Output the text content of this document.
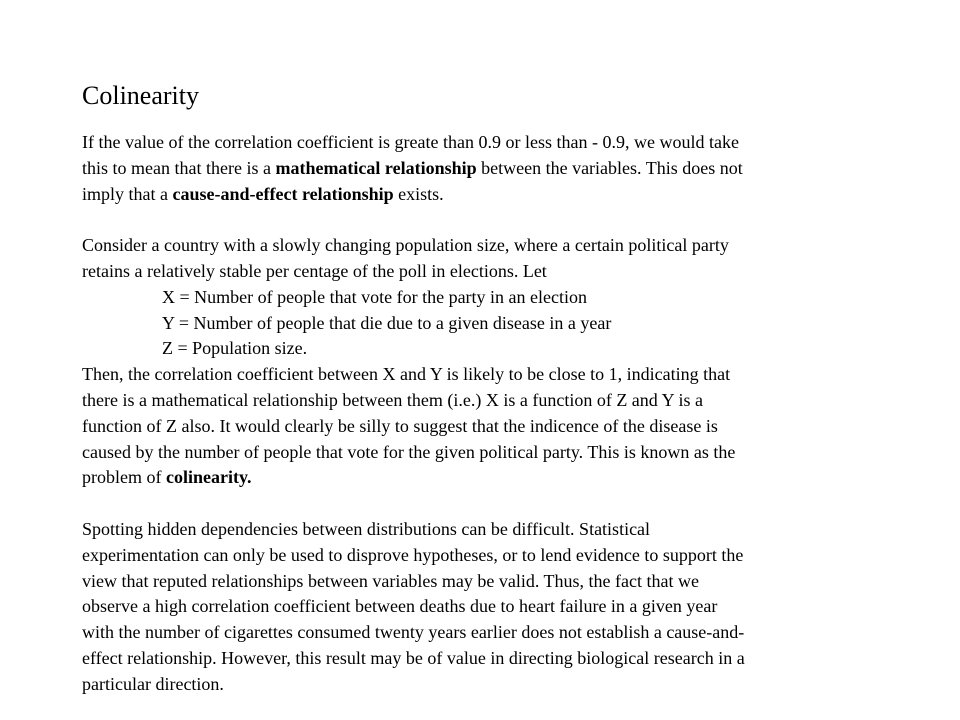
Colinearity
If the value of the correlation coefficient is greate than 0.9 or less than - 0.9, we would take
this to mean that there is a mathematical relationship between the variables. This does not
imply that a cause-and-effect relationship exists.
Consider a country with a slowly changing population size, where a certain political party
retains a relatively stable per centage of the poll in elections. Let
X = Number of people that vote for the party in an election
Y = Number of people that die due to a given disease in a year
Z = Population size.
Then, the correlation coefficient between X and Y is likely to be close to 1, indicating that
there is a mathematical relationship between them (i.e.) X is a function of Z and Y is a
function of Z also. It would clearly be silly to suggest that the indicence of the disease is
caused by the number of people that vote for the given political party. This is known as the
problem of colinearity.
Spotting hidden dependencies between distributions can be difficult. Statistical
experimentation can only be used to disprove hypotheses, or to lend evidence to support the
view that reputed relationships between variables may be valid. Thus, the fact that we
observe a high correlation coefficient between deaths due to heart failure in a given year
with the number of cigarettes consumed twenty years earlier does not establish a cause-and-
effect relationship. However, this result may be of value in directing biological research in a
particular direction.
